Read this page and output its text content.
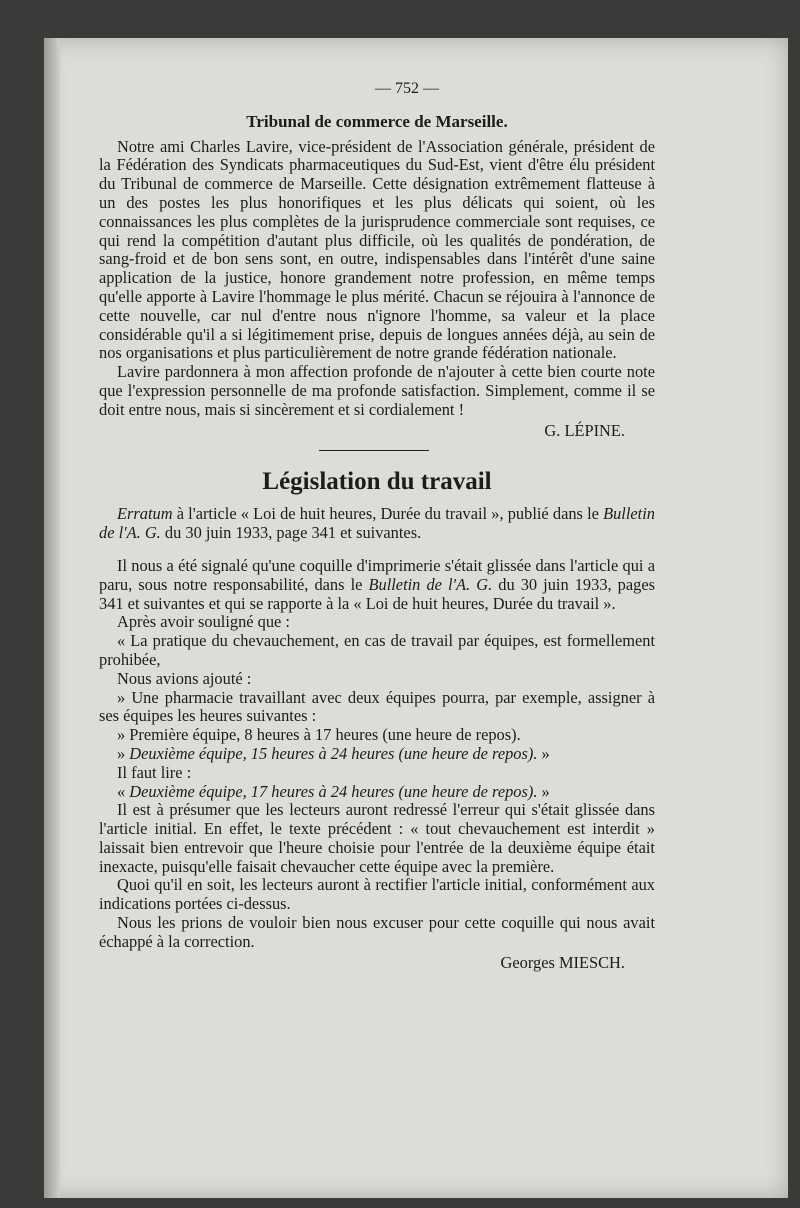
— 752 —
Tribunal de commerce de Marseille.

Notre ami Charles Lavire, vice-président de l'Association générale, président de la Fédération des Syndicats pharmaceutiques du Sud-Est, vient d'être élu président du Tribunal de commerce de Marseille. Cette désignation extrêmement flatteuse à un des postes les plus honorifiques et les plus délicats qui soient, où les connaissances les plus complètes de la jurisprudence commerciale sont requises, ce qui rend la compétition d'autant plus difficile, où les qualités de pondération, de sang-froid et de bon sens sont, en outre, indispensables dans l'intérêt d'une saine application de la justice, honore grandement notre profession, en même temps qu'elle apporte à Lavire l'hommage le plus mérité. Chacun se réjouira à l'annonce de cette nouvelle, car nul d'entre nous n'ignore l'homme, sa valeur et la place considérable qu'il a si légitimement prise, depuis de longues années déjà, au sein de nos organisations et plus particulièrement de notre grande fédération nationale.

Lavire pardonnera à mon affection profonde de n'ajouter à cette bien courte note que l'expression personnelle de ma profonde satisfaction. Simplement, comme il se doit entre nous, mais si sincèrement et si cordialement !

G. LÉPINE.
Législation du travail

Erratum à l'article « Loi de huit heures, Durée du travail », publié dans le Bulletin de l'A. G. du 30 juin 1933, page 341 et suivantes.

Il nous a été signalé qu'une coquille d'imprimerie s'était glissée dans l'article qui a paru, sous notre responsabilité, dans le Bulletin de l'A. G. du 30 juin 1933, pages 341 et suivantes et qui se rapporte à la « Loi de huit heures, Durée du travail ».

Après avoir souligné que :

« La pratique du chevauchement, en cas de travail par équipes, est formellement prohibée,

Nous avions ajouté :

» Une pharmacie travaillant avec deux équipes pourra, par exemple, assigner à ses équipes les heures suivantes :

» Première équipe, 8 heures à 17 heures (une heure de repos).

» Deuxième équipe, 15 heures à 24 heures (une heure de repos). »

Il faut lire :

« Deuxième équipe, 17 heures à 24 heures (une heure de repos). »

Il est à présumer que les lecteurs auront redressé l'erreur qui s'était glissée dans l'article initial. En effet, le texte précédent : « tout chevauchement est interdit » laissait bien entrevoir que l'heure choisie pour l'entrée de la deuxième équipe était inexacte, puisqu'elle faisait chevaucher cette équipe avec la première.

Quoi qu'il en soit, les lecteurs auront à rectifier l'article initial, conformément aux indications portées ci-dessus.

Nous les prions de vouloir bien nous excuser pour cette coquille qui nous avait échappé à la correction.

Georges MIESCH.
